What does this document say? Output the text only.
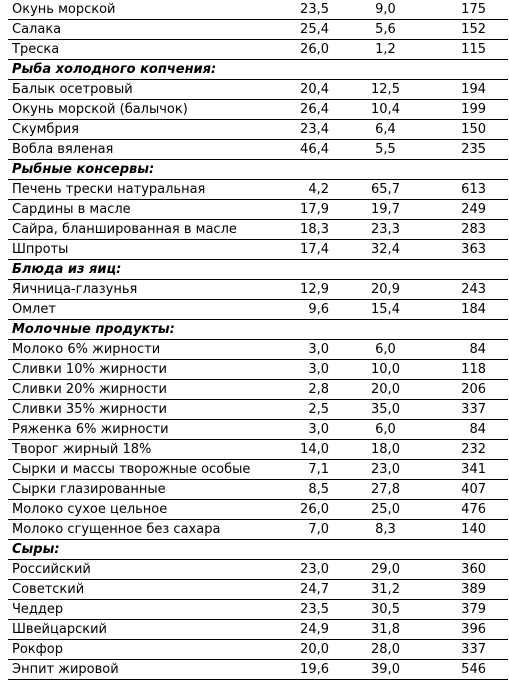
Окунь морской	23,5	9,0	175
Салака	25,4	5,6	152
Треска	26,0	1,2	115
Рыба холодного копчения:			
Балык осетровый	20,4	12,5	194
Окунь морской (балычок)	26,4	10,4	199
Скумбрия	23,4	6,4	150
Вобла вяленая	46,4	5,5	235
Рыбные консервы:			
Печень трески натуральная	4,2	65,7	613
Сардины в масле	17,9	19,7	249
Сайра, бланшированная в масле	18,3	23,3	283
Шпроты	17,4	32,4	363
Блюда из яиц:			
Яичница-глазунья	12,9	20,9	243
Омлет	9,6	15,4	184
Молочные продукты:			
Молоко 6% жирности	3,0	6,0	84
Сливки 10% жирности	3,0	10,0	118
Сливки 20% жирности	2,8	20,0	206
Сливки 35% жирности	2,5	35,0	337
Ряженка 6% жирности	3,0	6,0	84
Творог жирный 18%	14,0	18,0	232
Сырки и массы творожные особые	7,1	23,0	341
Сырки глазированные	8,5	27,8	407
Молоко сухое цельное	26,0	25,0	476
Молоко сгущенное без сахара	7,0	8,3	140
Сыры:			
Российский	23,0	29,0	360
Советский	24,7	31,2	389
Чеддер	23,5	30,5	379
Швейцарский	24,9	31,8	396
Рокфор	20,0	28,0	337
Энпит жировой	19,6	39,0	546
